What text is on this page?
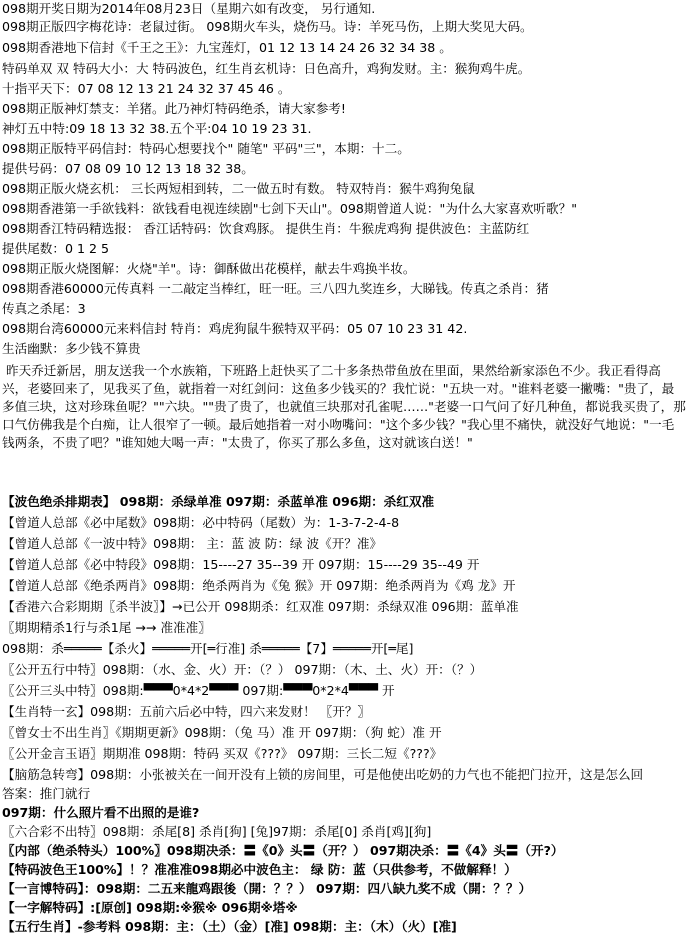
098期开奖日期为2014年08月23日（星期六如有改变， 另行通知.
098期正版四字梅花诗：老鼠过街。 098期火车头，烧伤马。诗：羊死马伤，上期大奖见大码。
098期香港地下信封《千王之王》：九宝莲灯，01 12 13 14 24 26 32 34 38 。
特码单双 双 特码大小：大 特码波色，红生肖玄机诗：日色高升，鸡狗发财。主：猴狗鸡牛虎。
十指平天下：07 08 12 13 21 24 32 37 45 46 。
098期正版神灯禁支：羊猪。此乃神灯特码绝杀，请大家参考!
神灯五中特:09 18 13 32 38.五个平:04 10 19 23 31.
098期正版特平码信封：特码心想要找个" 随笔" 平码"三"，本期：十二。
提供号码：07 08 09 10 12 13 18 32 38。
098期正版火烧玄机： 三长两短相到转，二一做五时有数。 特双特肖：猴牛鸡狗兔鼠
098期香港第一手欲钱料：欲钱看电视连续剧"七剑下天山"。098期曾道人说："为什么大家喜欢听歌？"
098期香江特码精选报： 香江话特码：饮食鸡豚。 提供生肖：牛猴虎鸡狗 提供波色：主蓝防红
提供尾数：0 1 2 5
098期正版火烧图解：火烧"羊"。诗：御酥做出花模样，献去牛鸡换半妆。
098期香港60000元传真料 一二敲定当棒红，旺一旺。三八四九奖连乡，大睇钱。传真之杀肖：猪
传真之杀尾：3
098期台湾60000元来料信封 特肖：鸡虎狗鼠牛猴特双平码：05 07 10 23 31 42.
生活幽默：多少钱不算贵
昨天乔迁新居，朋友送我一个水族箱，下班路上赶快买了二十多条热带鱼放在里面，果然给新家添色不少。我正看得高兴，老婆回来了，见我买了鱼，就指着一对红剑问：这鱼多少钱买的？我忙说："五块一对。"谁料老婆一撇嘴："贵了，最多值三块，这对珍珠鱼呢？""六块。""贵了贵了，也就值三块那对孔雀呢……"老婆一口气问了好几种鱼，都说我买贵了，那口气仿佛我是个白痴，让人很窄了一顿。最后她指着一对小吻嘴问："这个多少钱？"我心里不痛快，就没好气地说："一毛钱两条，不贵了吧？"谁知她大喝一声："太贵了，你买了那么多鱼，这对就该白送！"
【波色绝杀排期表】 098期：杀绿单准 097期：杀蓝单准 096期：杀红双准
【曾道人总部《必中尾数》098期：必中特码（尾数）为：1-3-7-2-4-8
【曾道人总部《一波中特》098期： 主：蓝 波 防：绿 波《开？准》
【曾道人总部《必中特段》098期：15----27 35--39 开 097期：15----29 35--49 开
【曾道人总部《绝杀两肖》098期：绝杀两肖为《兔 猴》开 097期：绝杀两肖为《鸡 龙》开
【香港六合彩期期〖杀半波〗】→已公开 098期杀：红双准 097期：杀绿双准 096期：蓝单准
〖期期精杀1行与杀1尾 →→ 准准准〗
098期：杀═════【杀火】═════开[═行准] 杀═════【7】═════开[═尾]
〖公开五行中特〗098期：（水、金、火）开：（？） 097期：（木、土、火）开：（？）
〖公开三头中特〗098期:▀▀▀0*4*2▀▀▀ 097期:▀▀▀0*2*4▀▀▀ 开
【生肖特一玄】098期：五前六后必中特，四六来发财！ 〖开？〗
〖曾女士不出生肖〗《期期更新》098期：（兔 马）准 开 097期：（狗 蛇）准 开
〖公开金言玉语〗期期准 098期：特码 买双《???》 097期：三长二短《???》
【脑筋急转弯】098期：小张被关在一间开没有上锁的房间里，可是他使出吃奶的力气也不能把门拉开，这是怎么回
答案：推门就行
097期：什么照片看不出照的是谁?
〖六合彩不出特〗098期：杀尾[8] 杀肖[狗] [兔]97期：杀尾[0] 杀肖[鸡][狗]
〖内部（绝杀特头）100%〗098期决杀：〓《0》头〓（开？） 097期决杀：〓《4》头〓（开?）
【特码波色王100%】！？准准准098期必中波色主： 绿 防：蓝（只供参考，不做解释！）
【一言博特码】：098期：二五来龍鸡跟後（開：？？） 097期：四八缺九奖不成（開：？？）
【一字解特码】:[原创] 098期:※猴※ 096期※塔※
【五行生肖】-参考料 098期：主：（土）（金）[准] 098期：主：（木）（火）[准]
